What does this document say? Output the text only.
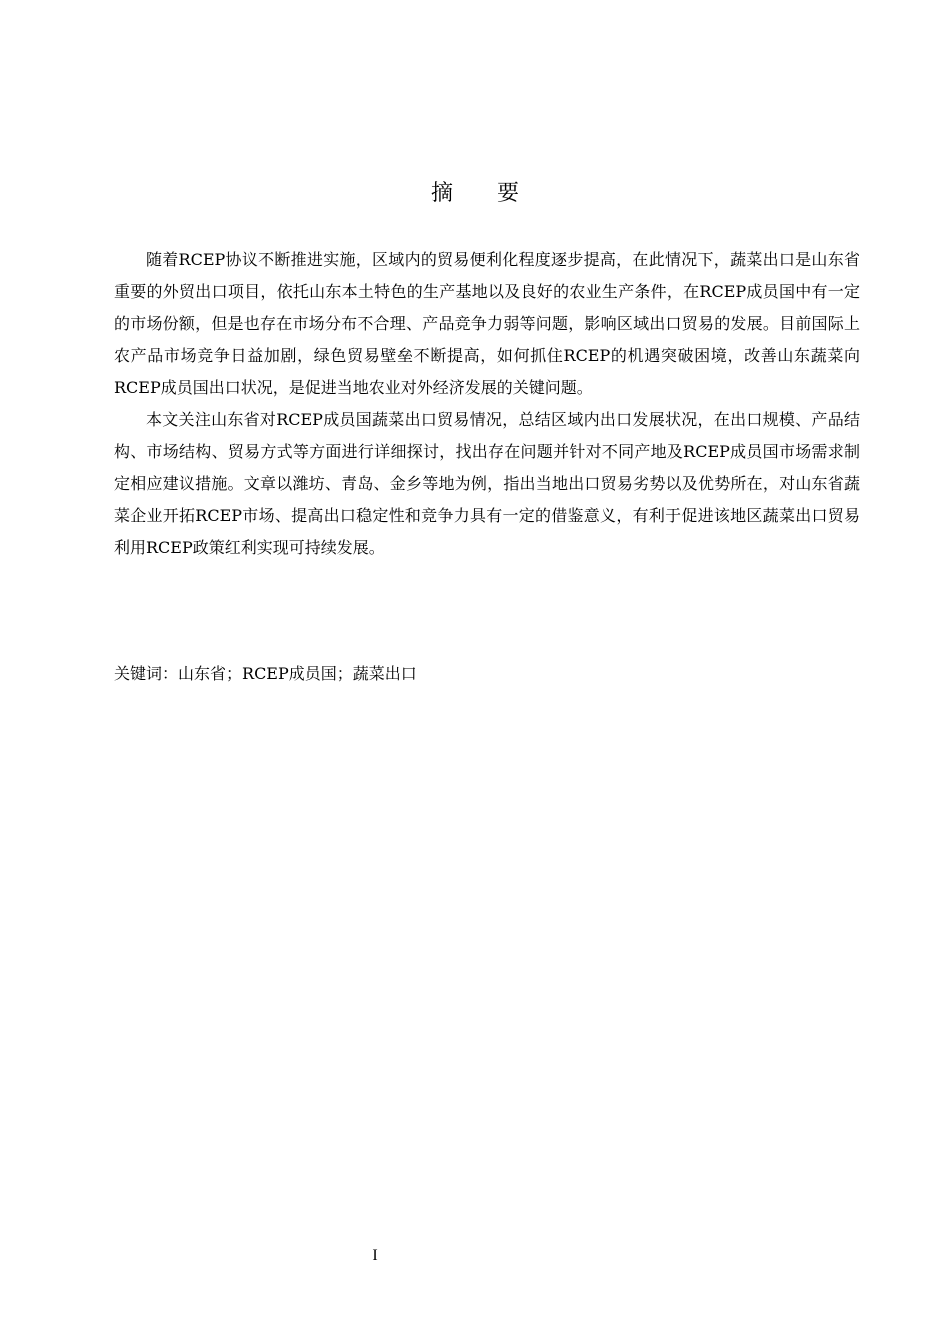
摘 要

随着RCEP协议不断推进实施，区域内的贸易便利化程度逐步提高，在此情况下，蔬菜出口是山东省重要的外贸出口项目，依托山东本土特色的生产基地以及良好的农业生产条件，在RCEP成员国中有一定的市场份额，但是也存在市场分布不合理、产品竞争力弱等问题，影响区域出口贸易的发展。目前国际上农产品市场竞争日益加剧，绿色贸易壁垒不断提高，如何抓住RCEP的机遇突破困境，改善山东蔬菜向RCEP成员国出口状况，是促进当地农业对外经济发展的关键问题。

本文关注山东省对RCEP成员国蔬菜出口贸易情况，总结区域内出口发展状况，在出口规模、产品结构、市场结构、贸易方式等方面进行详细探讨，找出存在问题并针对不同产地及RCEP成员国市场需求制定相应建议措施。文章以潍坊、青岛、金乡等地为例，指出当地出口贸易劣势以及优势所在，对山东省蔬菜企业开拓RCEP市场、提高出口稳定性和竞争力具有一定的借鉴意义，有利于促进该地区蔬菜出口贸易利用RCEP政策红利实现可持续发展。

关键词：山东省；RCEP成员国；蔬菜出口
I
